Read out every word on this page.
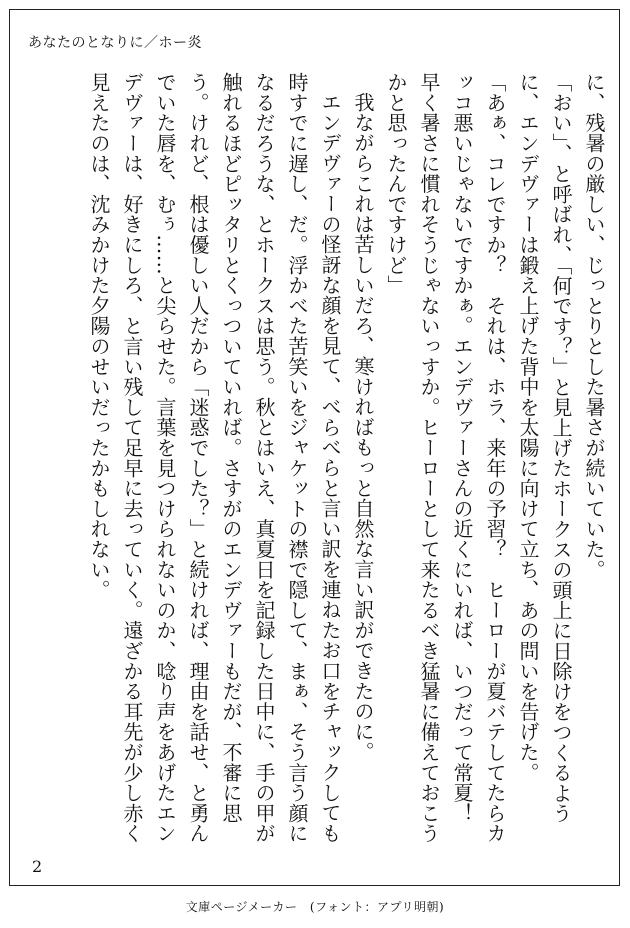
あなたのとなりに／ホー炎

に、残暑の厳しい、じっとりとした暑さが続いていた。

「おい」、と呼ばれ、「何です？」と見上げたホークスの頭上に日除けをつくるように、エンデヴァーは鍛え上げた背中を太陽に向けて立ち、あの問いを告げた。

「あぁ、コレですか？　それは、ホラ、来年の予習？　ヒーローが夏バテしてたらカッコ悪いじゃないですかぁ。エンデヴァーさんの近くにいれば、いつだって常夏！　早く暑さに慣れそうじゃないっすか。ヒーローとして来たるべき猛暑に備えておこうかと思ったんですけど」

我ながらこれは苦しいだろ、寒ければもっと自然な言い訳ができたのに。

エンデヴァーの怪訝な顔を見て、べらべらと言い訳を連ねたお口をチャックしても時すでに遅し、だ。浮かべた苦笑いをジャケットの襟で隠して、まぁ、そう言う顔になるだろうな、とホークスは思う。秋とはいえ、真夏日を記録した日中に、手の甲が触れるほどピッタリとくっついていれば。さすがのエンデヴァーもだが、不審に思う。けれど、根は優しい人だから「迷惑でした？」と続ければ、理由を話せ、と勇んでいた唇を、むぅ……と尖らせた。言葉を見つけられないのか、唸り声をあげたエンデヴァーは、好きにしろ、と言い残して足早に去っていく。遠ざかる耳先が少し赤く見えたのは、沈みかけた夕陽のせいだったかもしれない。

2
文庫ページメーカー　(フォント：アプリ明朝)
